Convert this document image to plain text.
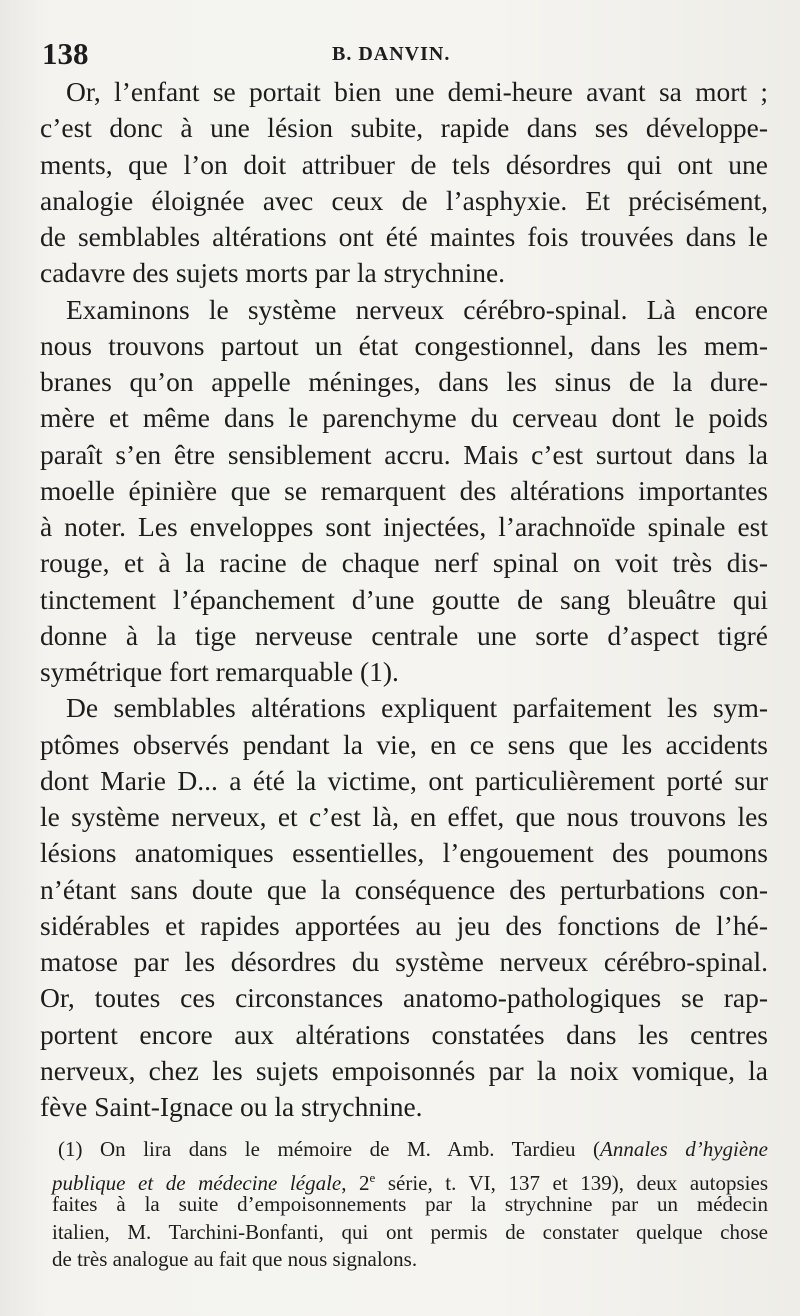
138	B. DANVIN.
Or, l’enfant se portait bien une demi-heure avant sa mort ;
c’est donc à une lésion subite, rapide dans ses développe-
ments, que l’on doit attribuer de tels désordres qui ont une
analogie éloignée avec ceux de l’asphyxie. Et précisément,
de semblables altérations ont été maintes fois trouvées dans le
cadavre des sujets morts par la strychnine.
Examinons le système nerveux cérébro-spinal. Là encore
nous trouvons partout un état congestionnel, dans les mem-
branes qu’on appelle méninges, dans les sinus de la dure-
mère et même dans le parenchyme du cerveau dont le poids
paraît s’en être sensiblement accru. Mais c’est surtout dans la
moelle épinière que se remarquent des altérations importantes
à noter. Les enveloppes sont injectées, l’arachnoïde spinale est
rouge, et à la racine de chaque nerf spinal on voit très dis-
tinctement l’épanchement d’une goutte de sang bleuâtre qui
donne à la tige nerveuse centrale une sorte d’aspect tigré
symétrique fort remarquable (1).
De semblables altérations expliquent parfaitement les sym-
ptômes observés pendant la vie, en ce sens que les accidents
dont Marie D... a été la victime, ont particulièrement porté sur
le système nerveux, et c’est là, en effet, que nous trouvons les
lésions anatomiques essentielles, l’engouement des poumons
n’étant sans doute que la conséquence des perturbations con-
sidérables et rapides apportées au jeu des fonctions de l’hé-
matose par les désordres du système nerveux cérébro-spinal.
Or, toutes ces circonstances anatomo-pathologiques se rap-
portent encore aux altérations constatées dans les centres
nerveux, chez les sujets empoisonnés par la noix vomique, la
fève Saint-Ignace ou la strychnine.
(1) On lira dans le mémoire de M. Amb. Tardieu (Annales d’hygiène
publique et de médecine légale, 2e série, t. VI, 137 et 139), deux autopsies
faites à la suite d’empoisonnements par la strychnine par un médecin
italien, M. Tarchini-Bonfanti, qui ont permis de constater quelque chose
de très analogue au fait que nous signalons.
